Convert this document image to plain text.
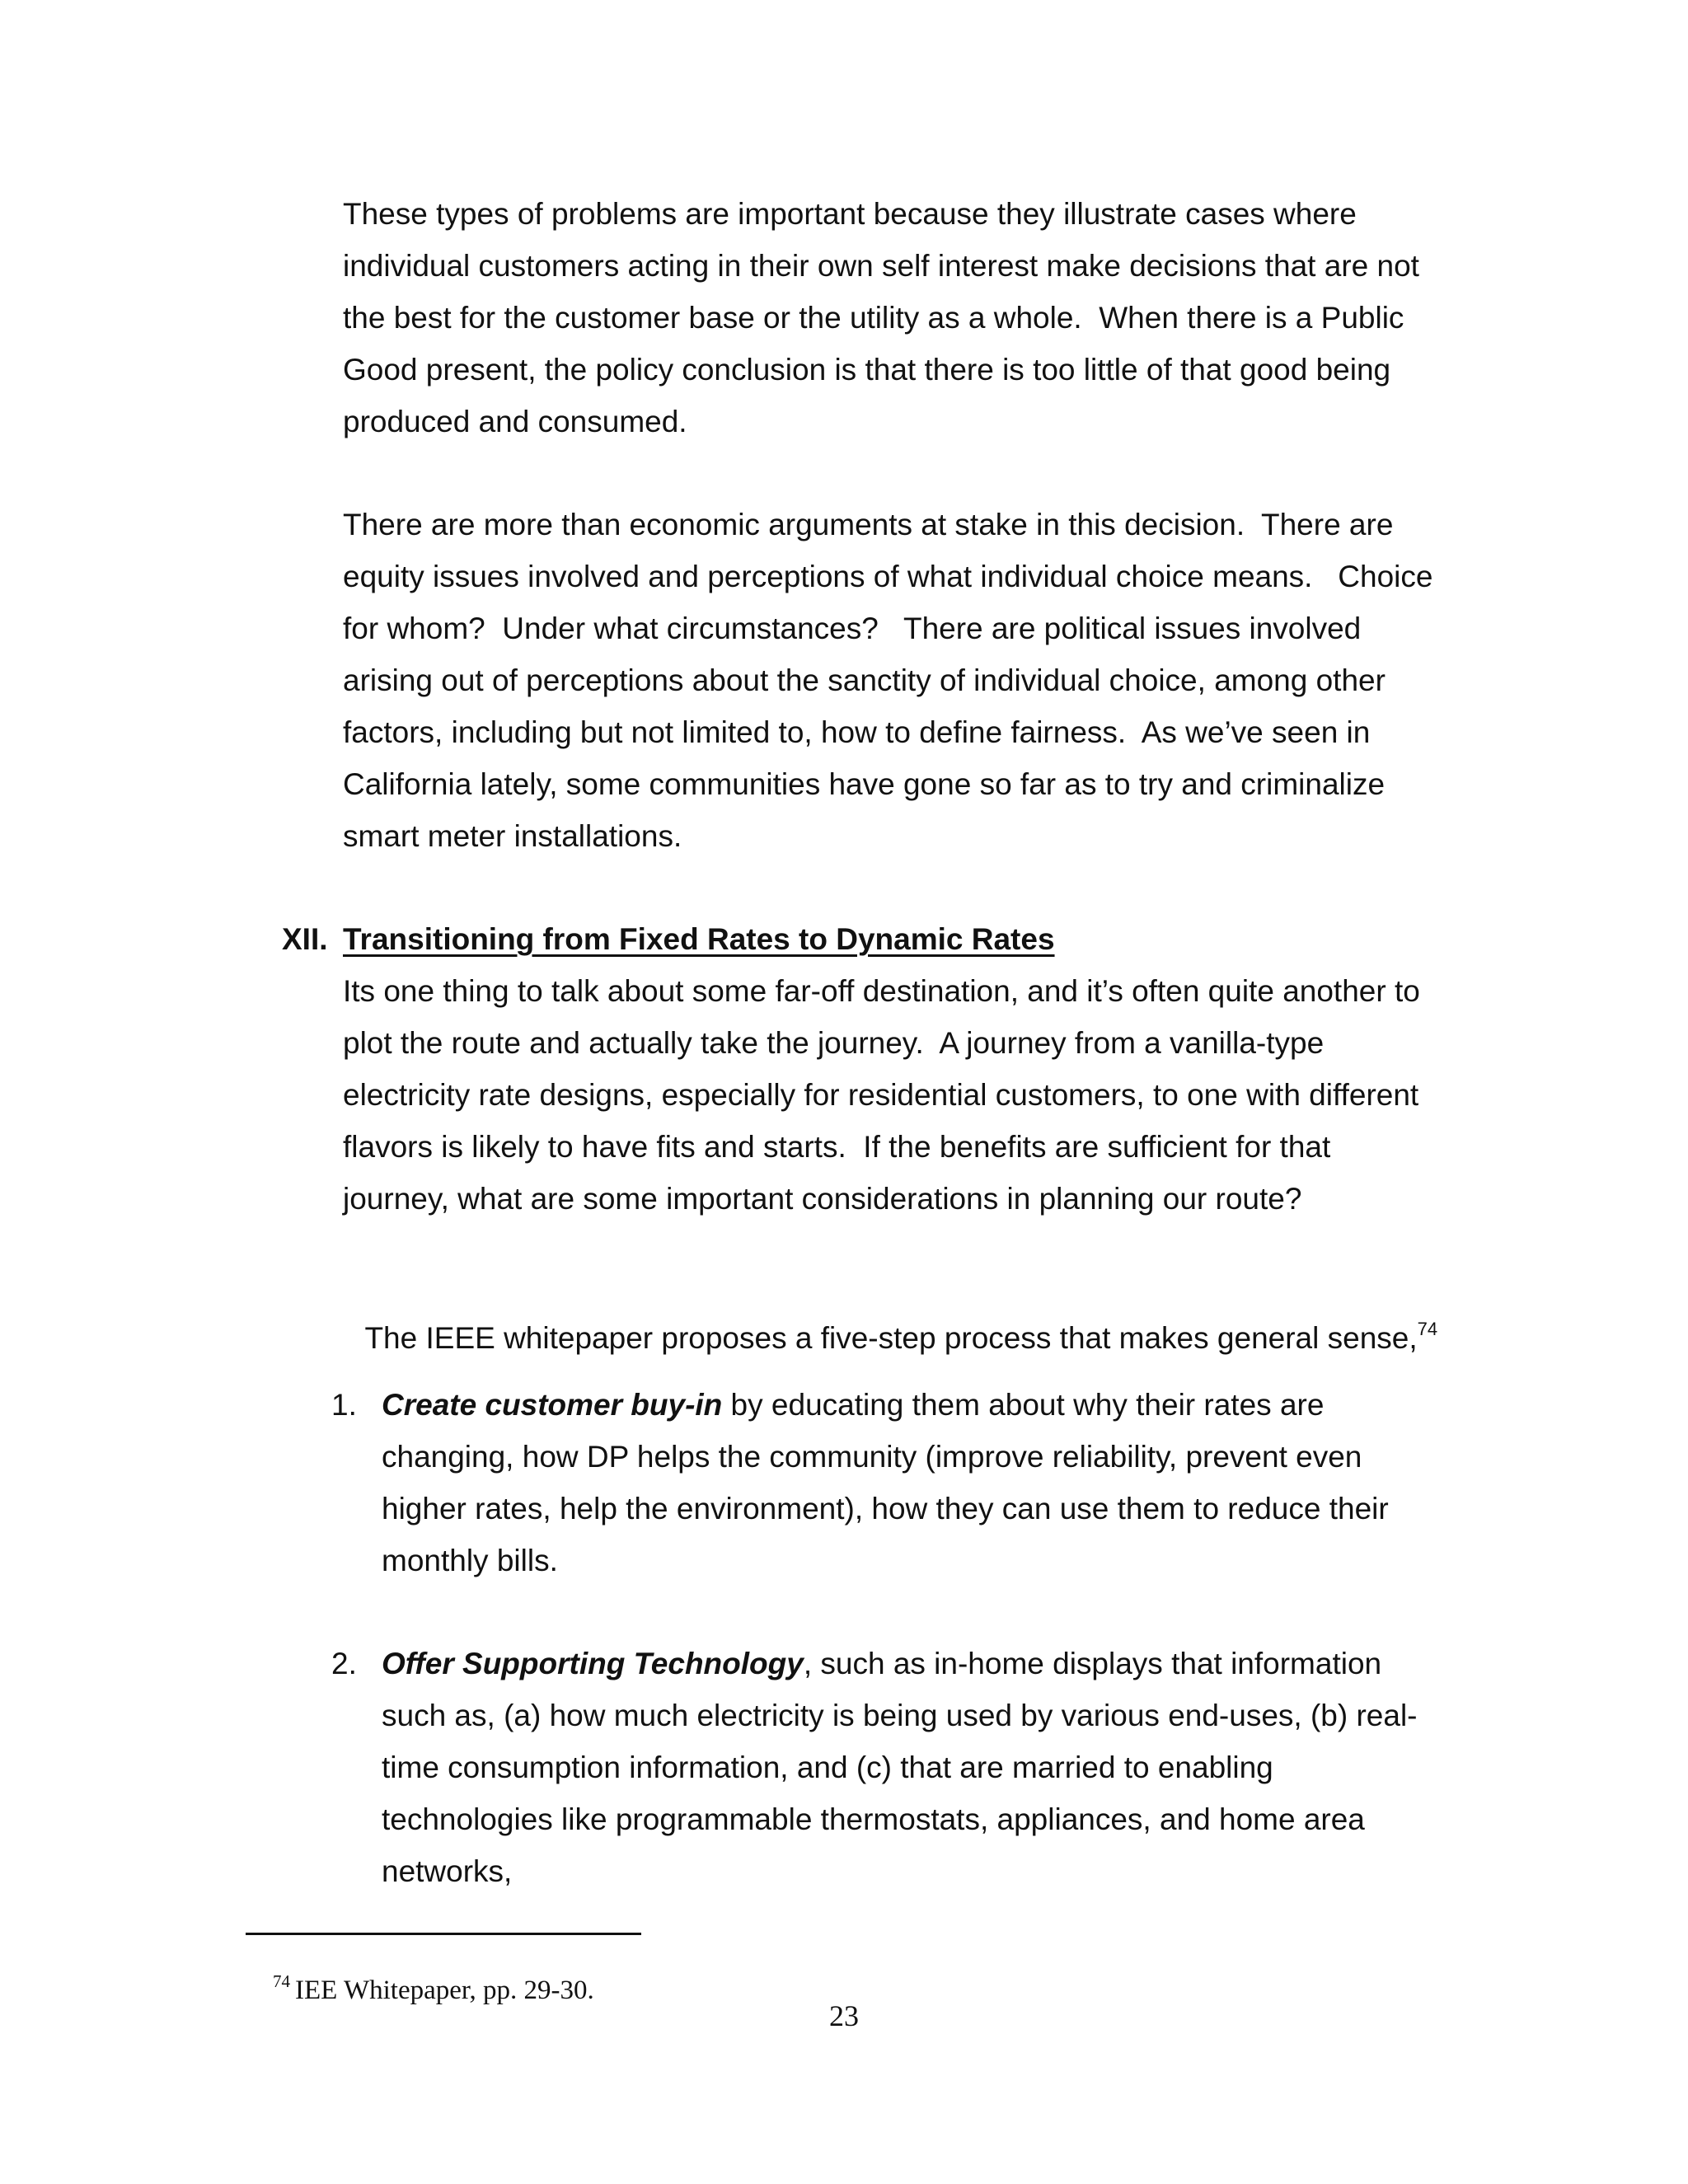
These types of problems are important because they illustrate cases where
individual customers acting in their own self interest make decisions that are not
the best for the customer base or the utility as a whole.  When there is a Public
Good present, the policy conclusion is that there is too little of that good being
produced and consumed.
There are more than economic arguments at stake in this decision.  There are
equity issues involved and perceptions of what individual choice means.   Choice
for whom?  Under what circumstances?   There are political issues involved
arising out of perceptions about the sanctity of individual choice, among other
factors, including but not limited to, how to define fairness.  As we’ve seen in
California lately, some communities have gone so far as to try and criminalize
smart meter installations.
XII. Transitioning from Fixed Rates to Dynamic Rates
Its one thing to talk about some far-off destination, and it’s often quite another to
plot the route and actually take the journey.  A journey from a vanilla-type
electricity rate designs, especially for residential customers, to one with different
flavors is likely to have fits and starts.  If the benefits are sufficient for that
journey, what are some important considerations in planning our route?

The IEEE whitepaper proposes a five-step process that makes general sense,$^{74}$

1. Create customer buy-in by educating them about why their rates are
changing, how DP helps the community (improve reliability, prevent even
higher rates, help the environment), how they can use them to reduce their
monthly bills.
2. Offer Supporting Technology, such as in-home displays that information
such as, (a) how much electricity is being used by various end-uses, (b) real-
time consumption information, and (c) that are married to enabling
technologies like programmable thermostats, appliances, and home area
networks,

$^{74}$ IEE Whitepaper, pp. 29-30.

23
